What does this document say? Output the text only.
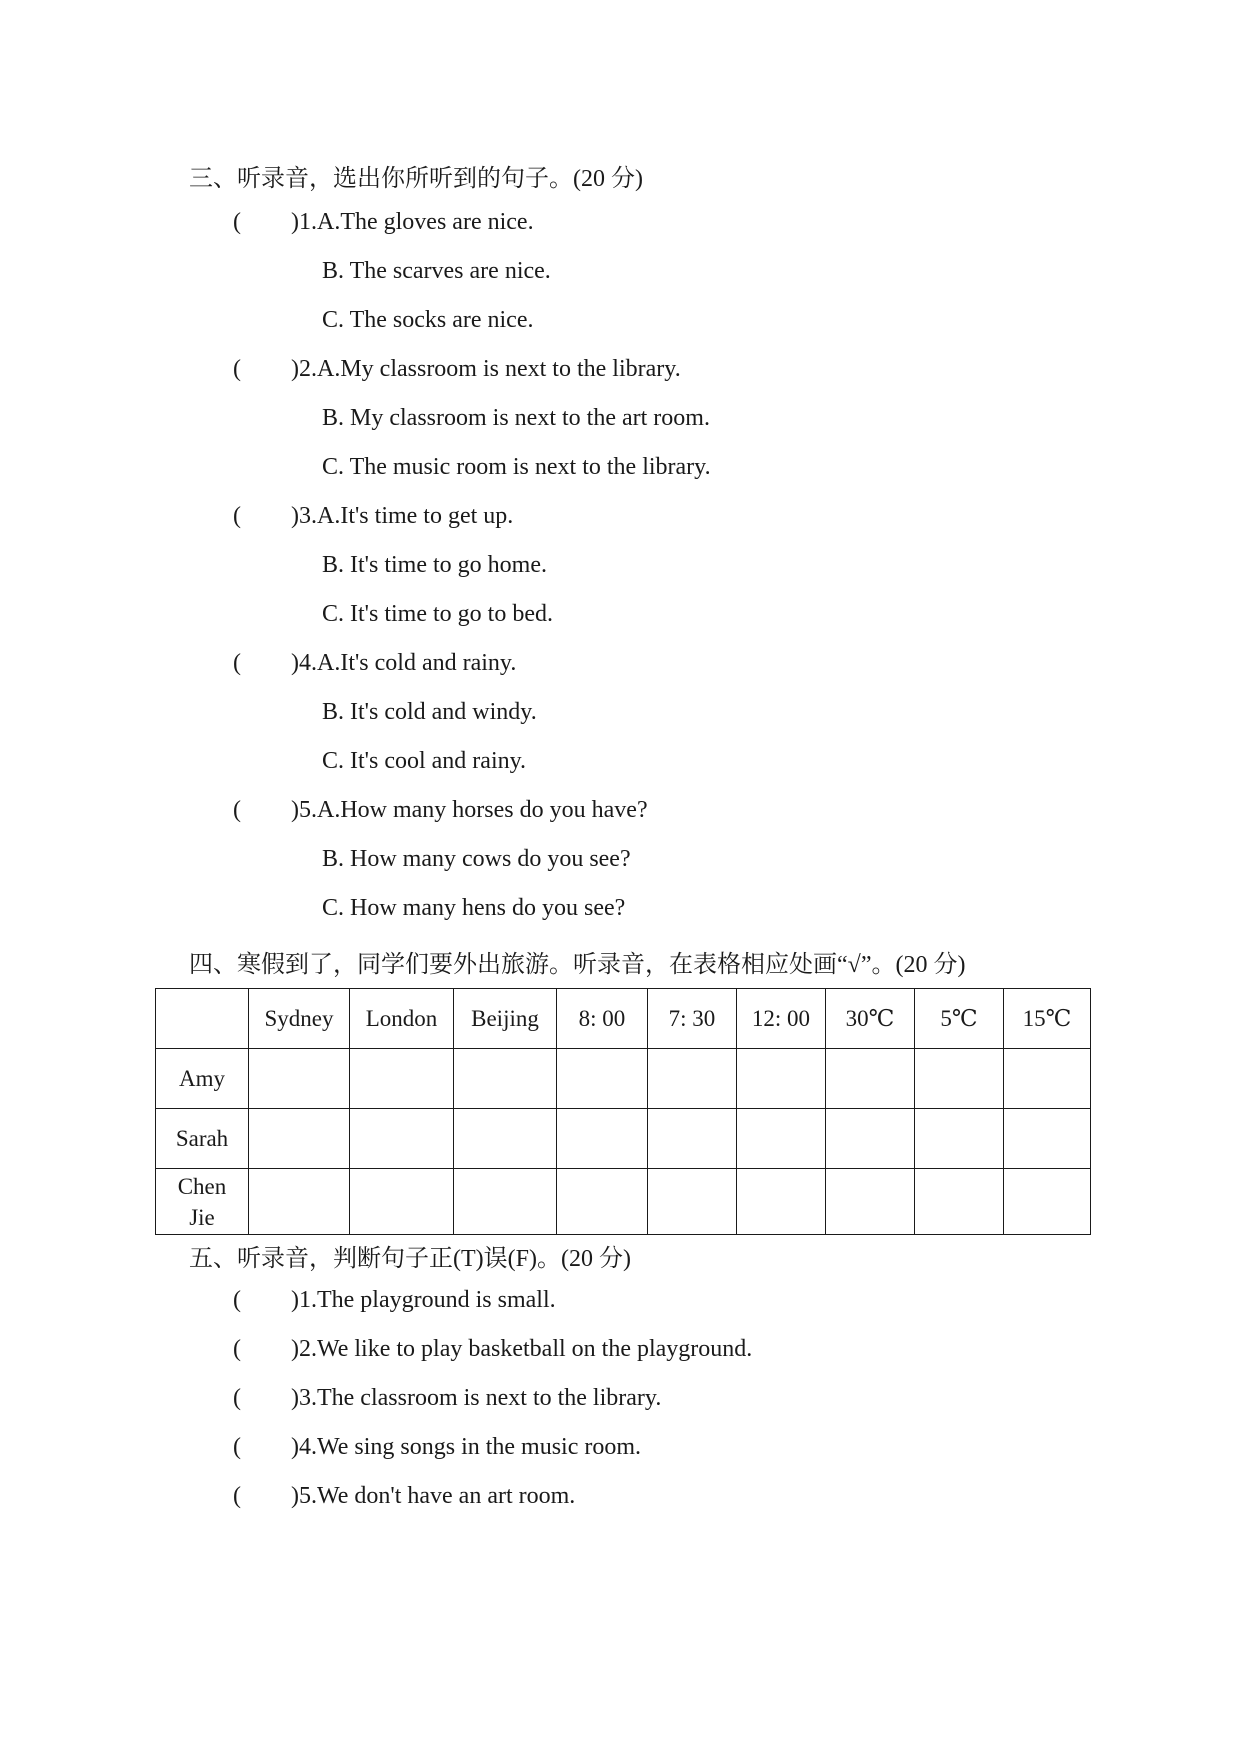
三、听录音，选出你所听到的句子。(20 分)
( )1.A.The gloves are nice.
B. The scarves are nice.
C. The socks are nice.
( )2.A.My classroom is next to the library.
B. My classroom is next to the art room.
C. The music room is next to the library.
( )3.A.It's time to get up.
B. It's time to go home.
C. It's time to go to bed.
( )4.A.It's cold and rainy.
B. It's cold and windy.
C. It's cool and rainy.
( )5.A.How many horses do you have?
B. How many cows do you see?
C. How many hens do you see?
四、寒假到了，同学们要外出旅游。听录音，在表格相应处画“√”。(20 分)
	Sydney	London	Beijing	8: 00	7: 30	12: 00	30℃	5℃	15℃
Amy									
Sarah									
Chen Jie									
五、听录音，判断句子正(T)误(F)。(20 分)
( )1.The playground is small.
( )2.We like to play basketball on the playground.
( )3.The classroom is next to the library.
( )4.We sing songs in the music room.
( )5.We don't have an art room.
